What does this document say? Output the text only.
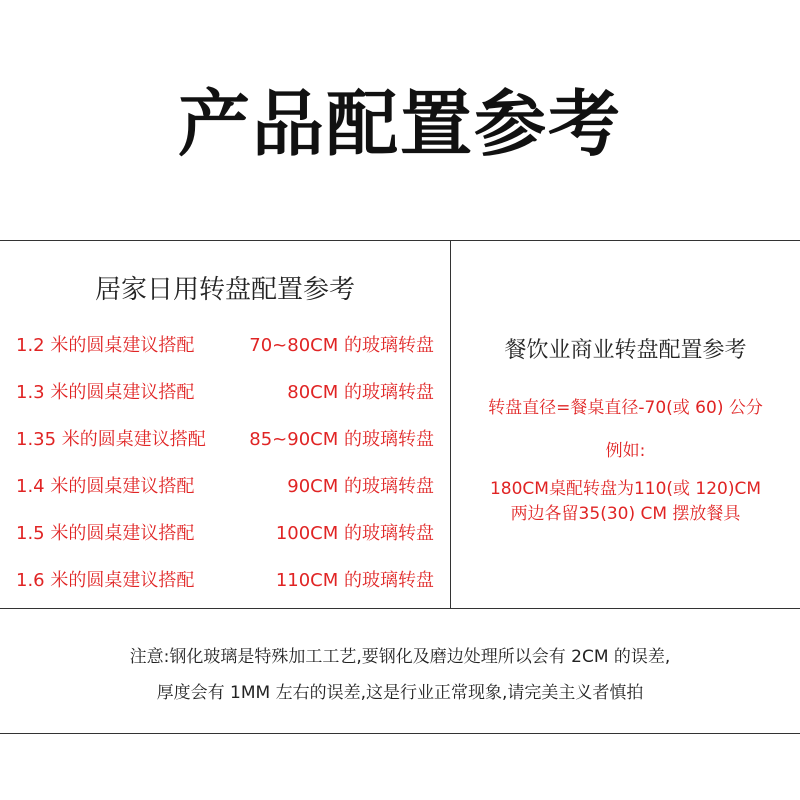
产品配置参考
居家日用转盘配置参考
1.2 米的圆桌建议搭配	70~80CM 的玻璃转盘
1.3 米的圆桌建议搭配	80CM 的玻璃转盘
1.35 米的圆桌建议搭配 85~90CM 的玻璃转盘
1.4 米的圆桌建议搭配	90CM 的玻璃转盘
1.5 米的圆桌建议搭配	100CM 的玻璃转盘
1.6 米的圆桌建议搭配	110CM 的玻璃转盘
餐饮业商业转盘配置参考
转盘直径=餐桌直径-70(或 60) 公分
例如:
180CM桌配转盘为110(或 120)CM
两边各留35(30) CM 摆放餐具
注意:钢化玻璃是特殊加工工艺,要钢化及磨边处理所以会有 2CM 的误差,
厚度会有 1MM 左右的误差,这是行业正常现象,请完美主义者慎拍
